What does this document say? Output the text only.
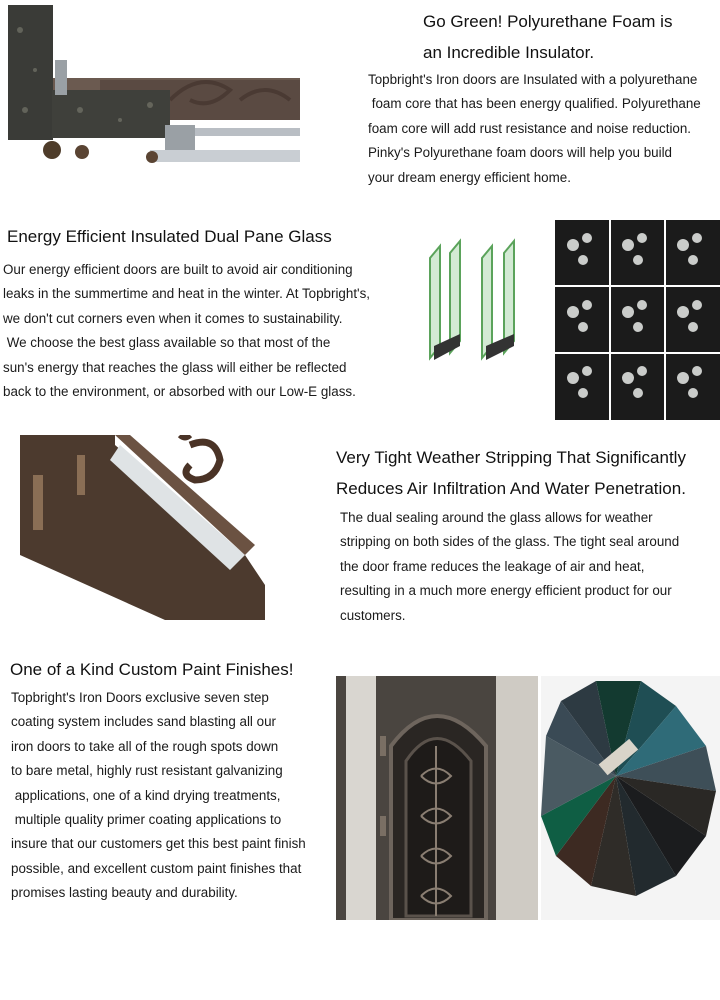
Go Green! Polyurethane Foam is
an Incredible Insulator.
Topbright's Iron doors are Insulated with a polyurethane
foam core that has been energy qualified. Polyurethane
foam core will add rust resistance and noise reduction.
Pinky's Polyurethane foam doors will help you build
your dream energy efficient home.
Energy Efficient Insulated Dual Pane Glass
Our energy efficient doors are built to avoid air conditioning
leaks in the summertime and heat in the winter. At Topbright's,
we don't cut corners even when it comes to sustainability.
We choose the best glass available so that most of the
sun's energy that reaches the glass will either be reflected
back to the environment, or absorbed with our Low-E glass.
Very Tight Weather Stripping That Significantly
Reduces Air Infiltration And Water Penetration.
The dual sealing around the glass allows for weather
stripping on both sides of the glass. The tight seal around
the door frame reduces the leakage of air and heat,
resulting in a much more energy efficient product for our
customers.
One of a Kind Custom Paint Finishes!
Topbright's Iron Doors exclusive seven step
coating system includes sand blasting all our
iron doors to take all of the rough spots down
to bare metal, highly rust resistant galvanizing
applications, one of a kind drying treatments,
multiple quality primer coating applications to
insure that our customers get this best paint finish
possible, and excellent custom paint finishes that
promises lasting beauty and durability.
